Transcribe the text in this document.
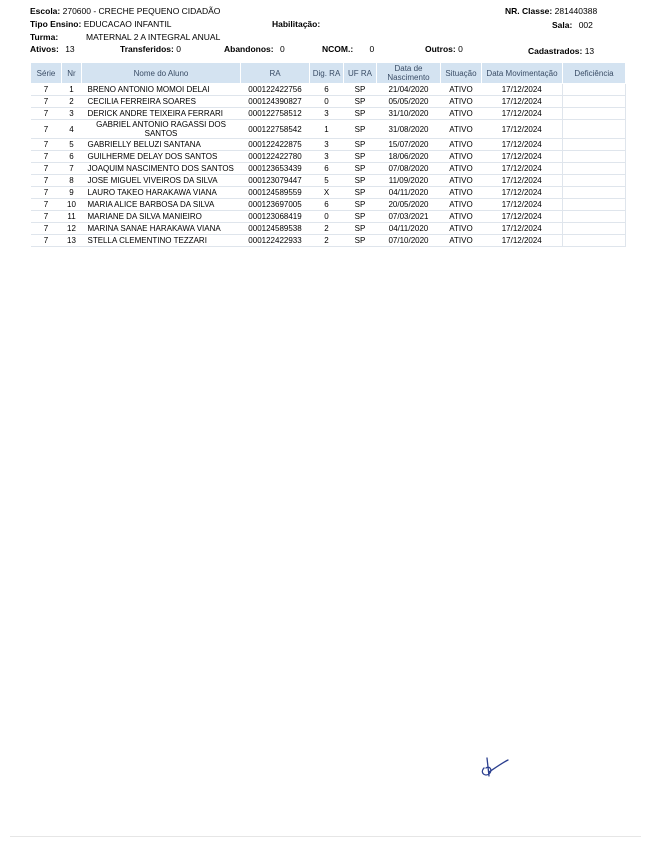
Escola: 270600 - CRECHE PEQUENO CIDADÃO	NR. Classe: 281440388
Tipo Ensino: EDUCACAO INFANTIL	Habilitação:	Sala: 002
Turma:	MATERNAL 2 A INTEGRAL ANUAL
Ativos: 13	Transferidos: 0	Abandonos: 0	NCOM.: 0	Outros: 0	Cadastrados: 13
Série	Nr	Nome do Aluno	RA	Dig. RA	UF RA	Data de Nascimento	Situação	Data Movimentação	Deficiência
7	1	BRENO ANTONIO MOMOI DELAI	000122422756	6	SP	21/04/2020	ATIVO	17/12/2024	
7	2	CECILIA FERREIRA SOARES	000124390827	0	SP	05/05/2020	ATIVO	17/12/2024	
7	3	DERICK ANDRE TEIXEIRA FERRARI	000122758512	3	SP	31/10/2020	ATIVO	17/12/2024	
7	4	GABRIEL ANTONIO RAGASSI DOS SANTOS	000122758542	1	SP	31/08/2020	ATIVO	17/12/2024	
7	5	GABRIELLY BELUZI SANTANA	000122422875	3	SP	15/07/2020	ATIVO	17/12/2024	
7	6	GUILHERME DELAY DOS SANTOS	000122422780	3	SP	18/06/2020	ATIVO	17/12/2024	
7	7	JOAQUIM NASCIMENTO DOS SANTOS	000123653439	6	SP	07/08/2020	ATIVO	17/12/2024	
7	8	JOSE MIGUEL VIVEIROS DA SILVA	000123079447	5	SP	11/09/2020	ATIVO	17/12/2024	
7	9	LAURO TAKEO HARAKAWA VIANA	000124589559	X	SP	04/11/2020	ATIVO	17/12/2024	
7	10	MARIA ALICE BARBOSA DA SILVA	000123697005	6	SP	20/05/2020	ATIVO	17/12/2024	
7	11	MARIANE DA SILVA MANIEIRO	000123068419	0	SP	07/03/2021	ATIVO	17/12/2024	
7	12	MARINA SANAE HARAKAWA VIANA	000124589538	2	SP	04/11/2020	ATIVO	17/12/2024	
7	13	STELLA CLEMENTINO TEZZARI	000122422933	2	SP	07/10/2020	ATIVO	17/12/2024	
